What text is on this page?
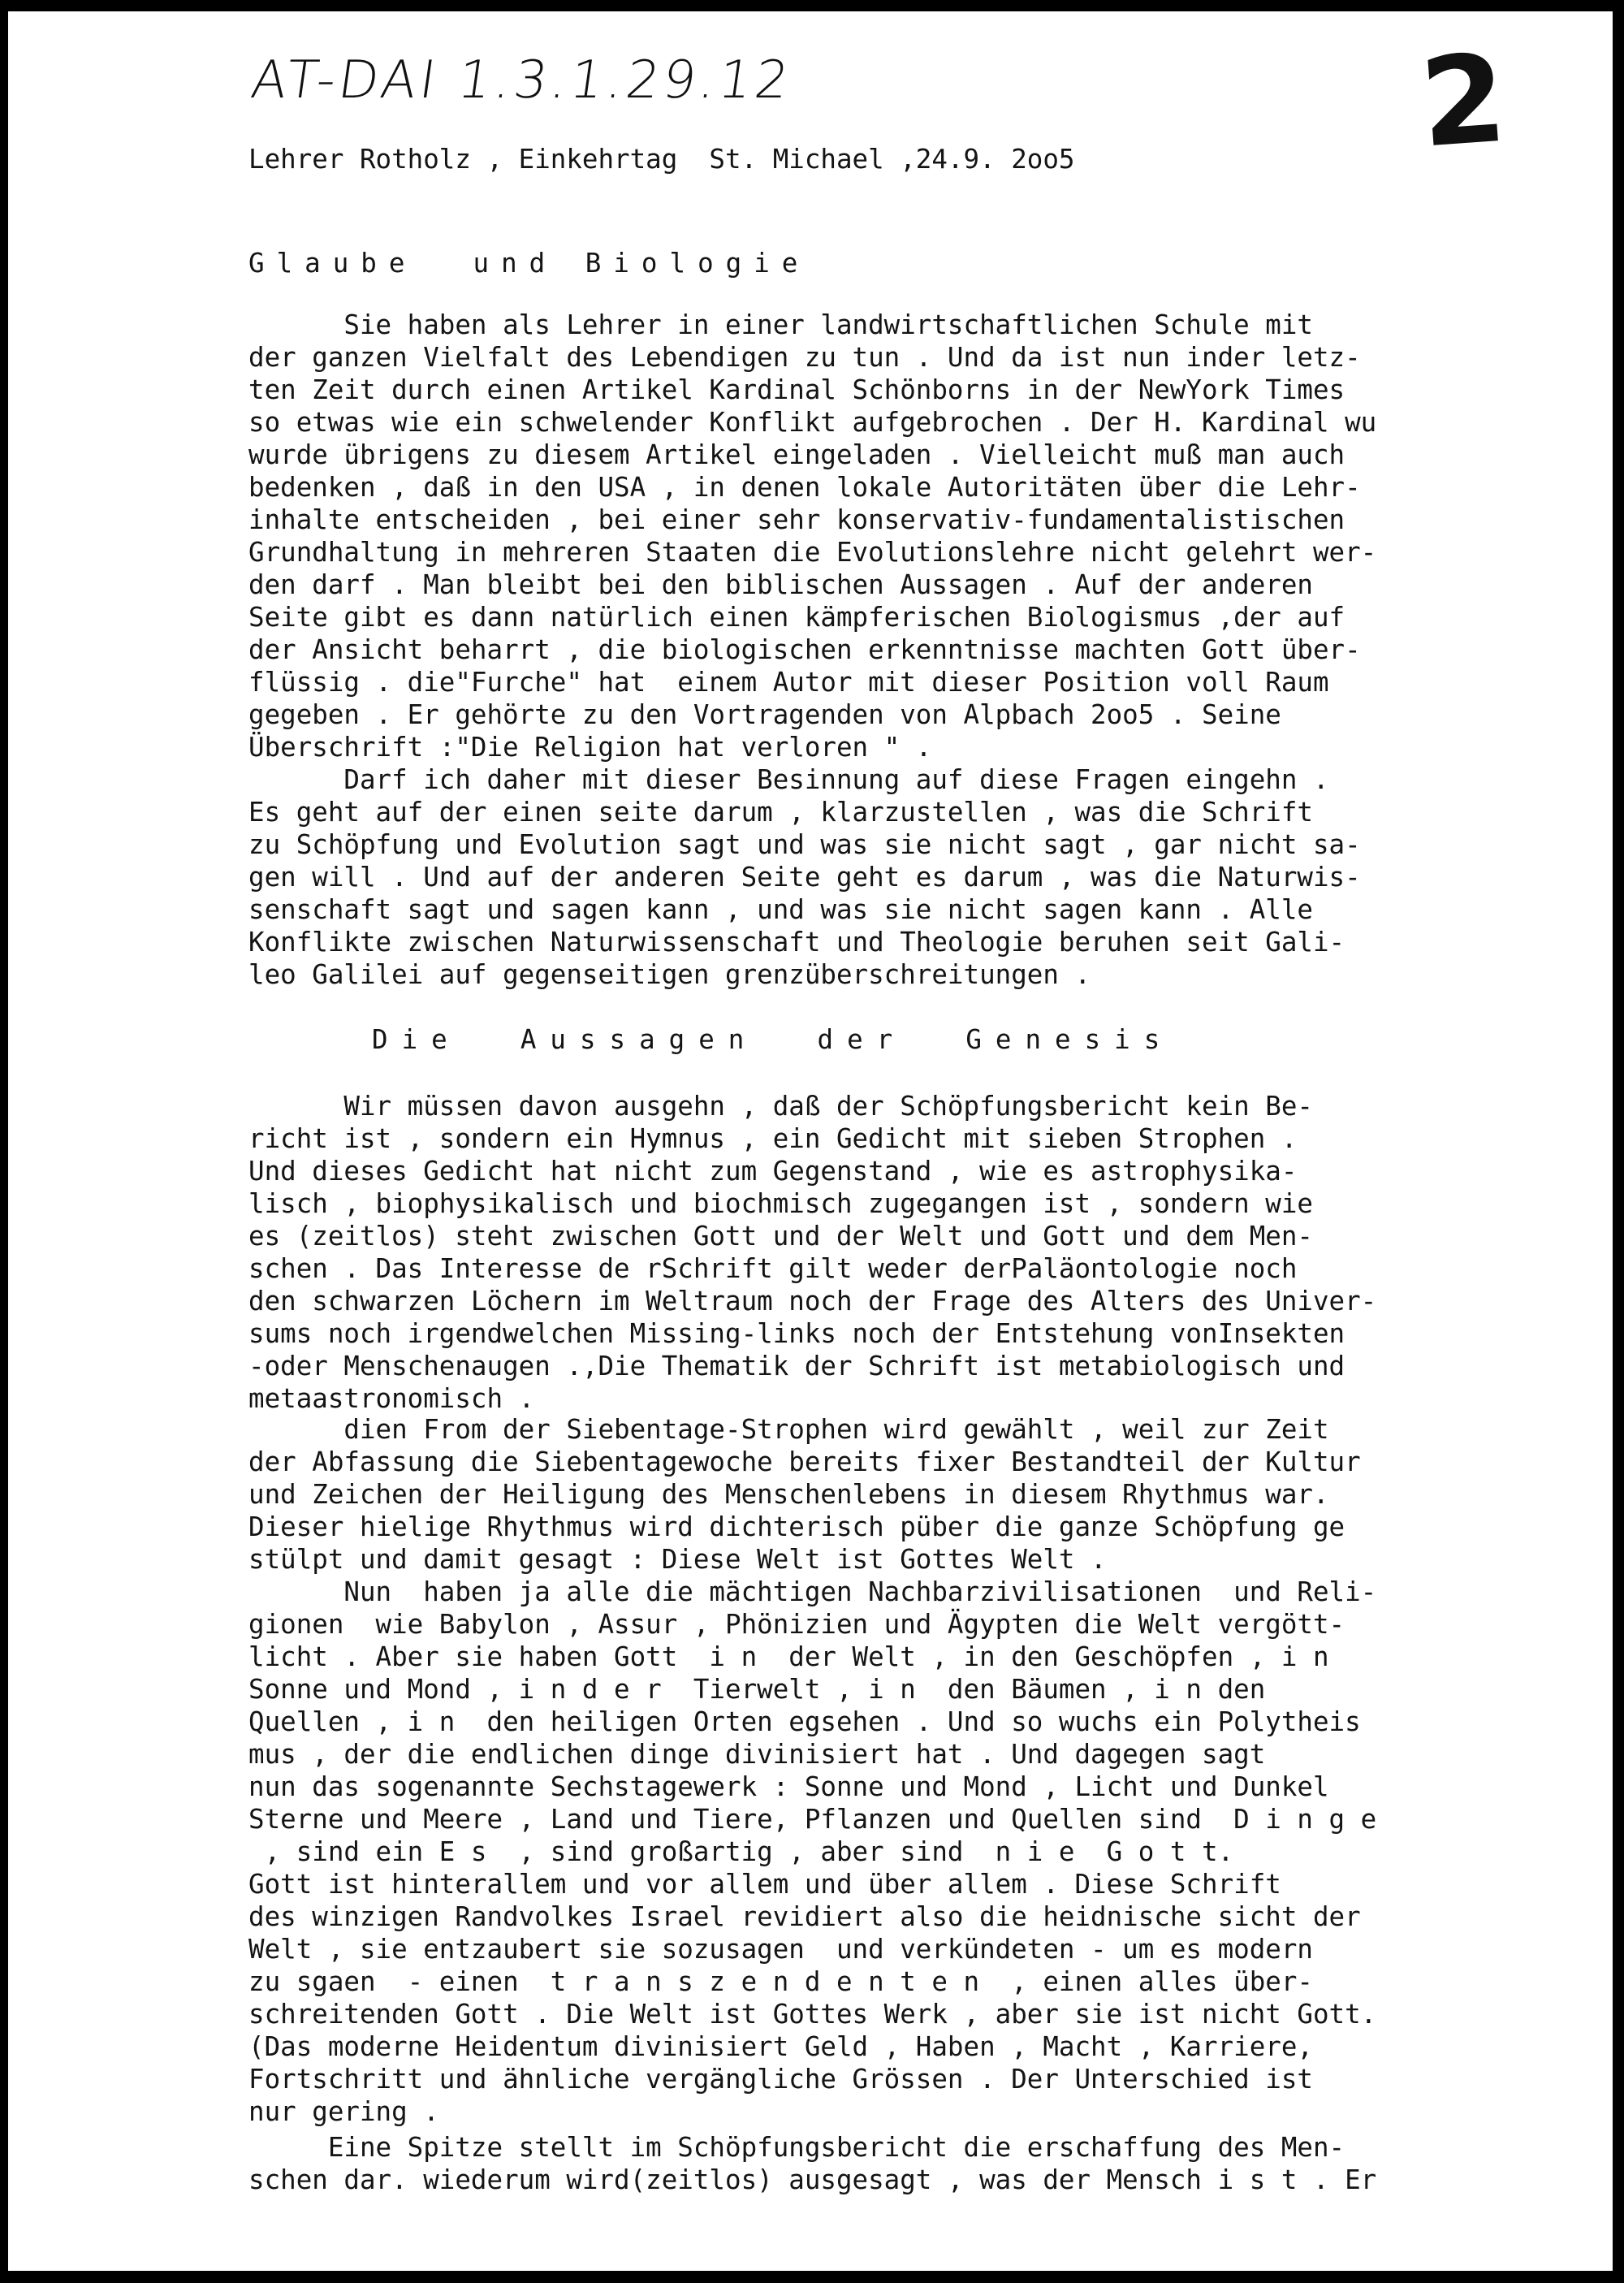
AT-DAI 1.3.1.29.12	2

Lehrer Rotholz , Einkehrtag  St. Michael ,24.9. 2oo5

Glaube  und Biologie

Sie haben als Lehrer in einer landwirtschaftlichen Schule mit

der ganzen Vielfalt des Lebendigen zu tun . Und da ist nun inder letz-

ten Zeit durch einen Artikel Kardinal Schönborns in der NewYork Times

so etwas wie ein schwelender Konflikt aufgebrochen . Der H. Kardinal wu

wurde übrigens zu diesem Artikel eingeladen . Vielleicht muß man auch

bedenken , daß in den USA , in denen lokale Autoritäten über die Lehr-

inhalte entscheiden , bei einer sehr konservativ-fundamentalistischen

Grundhaltung in mehreren Staaten die Evolutionslehre nicht gelehrt wer-

den darf . Man bleibt bei den biblischen Aussagen . Auf der anderen

Seite gibt es dann natürlich einen kämpferischen Biologismus ,der auf

der Ansicht beharrt , die biologischen erkenntnisse machten Gott über-

flüssig . die"Furche" hat  einem Autor mit dieser Position voll Raum

gegeben . Er gehörte zu den Vortragenden von Alpbach 2oo5 . Seine

Überschrift :"Die Religion hat verloren " .

Darf ich daher mit dieser Besinnung auf diese Fragen eingehn .

Es geht auf der einen seite darum , klarzustellen , was die Schrift

zu Schöpfung und Evolution sagt und was sie nicht sagt , gar nicht sa-

gen will . Und auf der anderen Seite geht es darum , was die Naturwis-

senschaft sagt und sagen kann , und was sie nicht sagen kann . Alle

Konflikte zwischen Naturwissenschaft und Theologie beruhen seit Gali-

leo Galilei auf gegenseitigen grenzüberschreitungen .

Die  Aussagen  der  Genesis

Wir müssen davon ausgehn , daß der Schöpfungsbericht kein Be-

richt ist , sondern ein Hymnus , ein Gedicht mit sieben Strophen .

Und dieses Gedicht hat nicht zum Gegenstand , wie es astrophysika-

lisch , biophysikalisch und biochmisch zugegangen ist , sondern wie

es (zeitlos) steht zwischen Gott und der Welt und Gott und dem Men-

schen . Das Interesse de rSchrift gilt weder derPaläontologie noch

den schwarzen Löchern im Weltraum noch der Frage des Alters des Univer-

sums noch irgendwelchen Missing-links noch der Entstehung vonInsekten

-oder Menschenaugen .,Die Thematik der Schrift ist metabiologisch und

metaastronomisch .

dien From der Siebentage-Strophen wird gewählt , weil zur Zeit

der Abfassung die Siebentagewoche bereits fixer Bestandteil der Kultur

und Zeichen der Heiligung des Menschenlebens in diesem Rhythmus war.

Dieser hielige Rhythmus wird dichterisch püber die ganze Schöpfung ge

stülpt und damit gesagt : Diese Welt ist Gottes Welt .

Nun  haben ja alle die mächtigen Nachbarzivilisationen  und Reli-

gionen  wie Babylon , Assur , Phönizien und Ägypten die Welt vergött-

licht . Aber sie haben Gott  i n  der Welt , in den Geschöpfen , i n

Sonne und Mond , i n d e r  Tierwelt , i n  den Bäumen , i n den

Quellen , i n  den heiligen Orten egsehen . Und so wuchs ein Polytheis

mus , der die endlichen dinge divinisiert hat . Und dagegen sagt

nun das sogenannte Sechstagewerk : Sonne und Mond , Licht und Dunkel

Sterne und Meere , Land und Tiere, Pflanzen und Quellen sind  D i n g e

, sind ein E s  , sind großartig , aber sind  n i e  G o t t.

Gott ist hinterallem und vor allem und über allem . Diese Schrift

des winzigen Randvolkes Israel revidiert also die heidnische sicht der

Welt , sie entzaubert sie sozusagen  und verkündeten - um es modern

zu sgaen  - einen  t r a n s z e n d e n t e n  , einen alles über-

schreitenden Gott . Die Welt ist Gottes Werk , aber sie ist nicht Gott.

(Das moderne Heidentum divinisiert Geld , Haben , Macht , Karriere,

Fortschritt und ähnliche vergängliche Grössen . Der Unterschied ist

nur gering .

Eine Spitze stellt im Schöpfungsbericht die erschaffung des Men-

schen dar. wiederum wird(zeitlos) ausgesagt , was der Mensch i s t . Er
